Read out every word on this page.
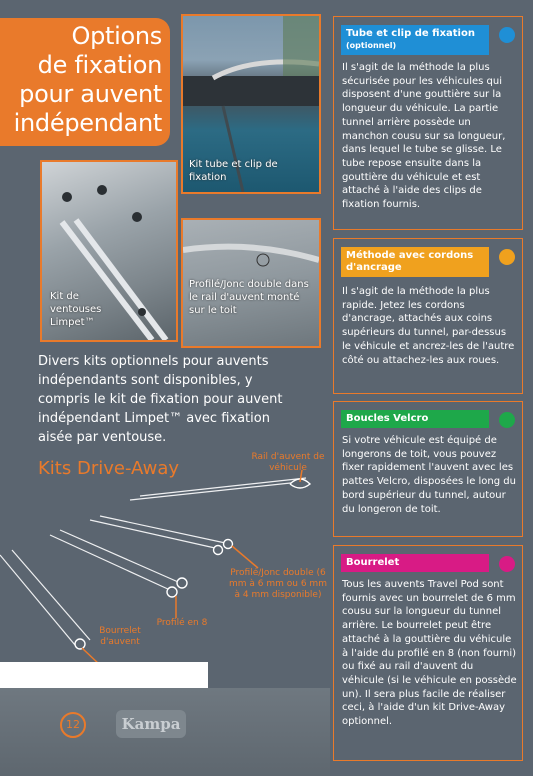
Options
de fixation
pour auvent
indépendant
Kit tube et clip de fixation
Kit de ventouses Limpet™
Profilé/Jonc double dans le rail d'auvent monté sur le toit
Divers kits optionnels pour auvents indépendants sont disponibles, y compris le kit de fixation pour auvent indépendant Limpet™ avec fixation aisée par ventouse.
Kits Drive-Away
Rail d'auvent de véhicule
Profilé/Jonc double (6 mm à 6 mm ou 6 mm à 4 mm disponible)
Profilé en 8
Bourrelet d'auvent
12	Kampa
Tube et clip de fixation
(optionnel)
Il s'agit de la méthode la plus sécurisée pour les véhicules qui disposent d'une gouttière sur la longueur du véhicule. La partie tunnel arrière possède un manchon cousu sur sa longueur, dans lequel le tube se glisse. Le tube repose ensuite dans la gouttière du véhicule et est attaché à l'aide des clips de fixation fournis.
Méthode avec cordons d'ancrage
Il s'agit de la méthode la plus rapide. Jetez les cordons d'ancrage, attachés aux coins supérieurs du tunnel, par-dessus le véhicule et ancrez-les de l'autre côté ou attachez-les aux roues.
Boucles Velcro
Si votre véhicule est équipé de longerons de toit, vous pouvez fixer rapidement l'auvent avec les pattes Velcro, disposées le long du bord supérieur du tunnel, autour du longeron de toit.
Bourrelet
Tous les auvents Travel Pod sont fournis avec un bourrelet de 6 mm cousu sur la longueur du tunnel arrière. Le bourrelet peut être attaché à la gouttière du véhicule à l'aide du profilé en 8 (non fourni) ou fixé au rail d'auvent du véhicule (si le véhicule en possède un). Il sera plus facile de réaliser ceci, à l'aide d'un kit Drive-Away optionnel.
